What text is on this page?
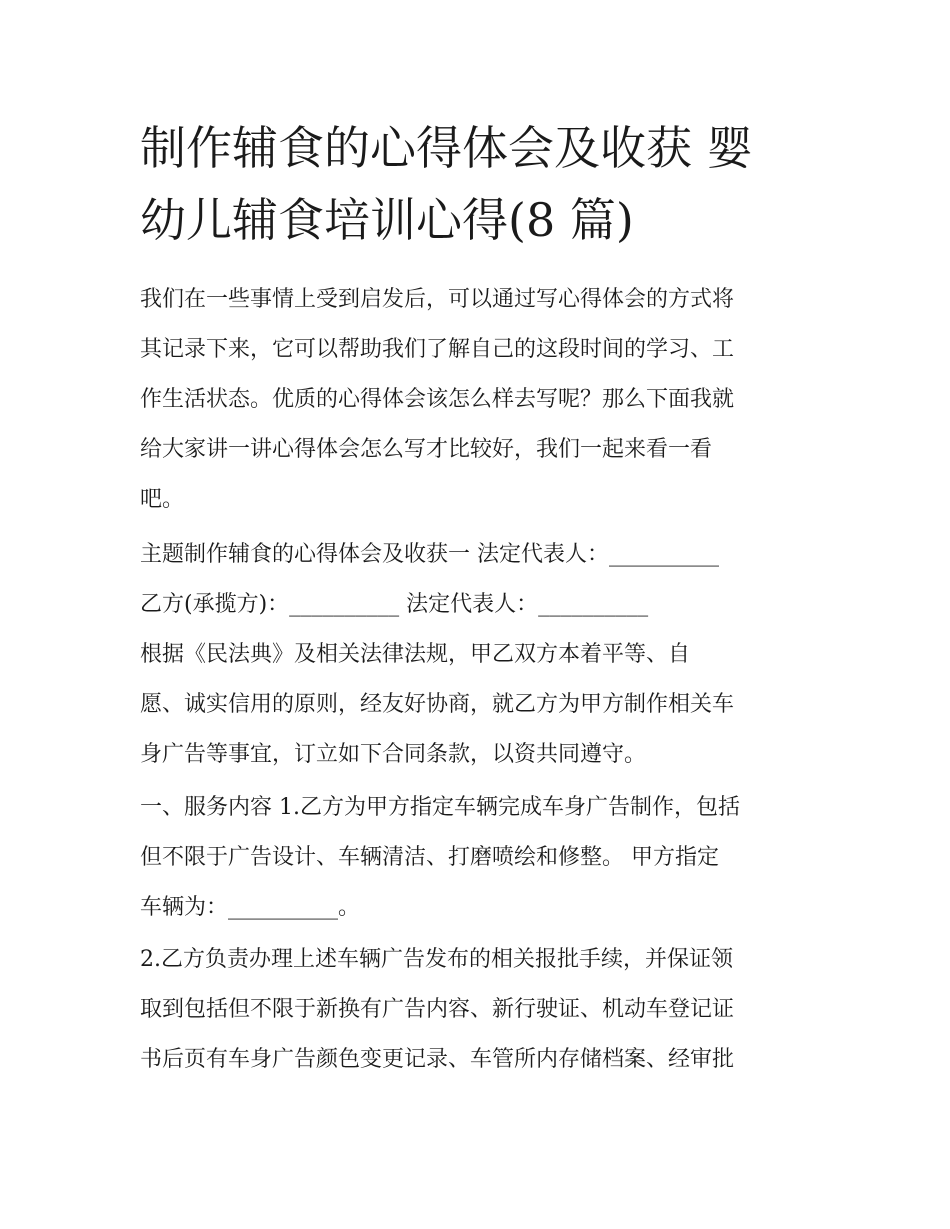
制作辅食的心得体会及收获 婴
幼儿辅食培训心得(8 篇)

我们在一些事情上受到启发后，可以通过写心得体会的方式将
其记录下来，它可以帮助我们了解自己的这段时间的学习、工
作生活状态。优质的心得体会该怎么样去写呢？那么下面我就
给大家讲一讲心得体会怎么写才比较好，我们一起来看一看
吧。

主题制作辅食的心得体会及收获一 法定代表人：__________

乙方(承揽方)：__________ 法定代表人：__________

根据《民法典》及相关法律法规，甲乙双方本着平等、自
愿、诚实信用的原则，经友好协商，就乙方为甲方制作相关车
身广告等事宜，订立如下合同条款，以资共同遵守。

一、服务内容 1.乙方为甲方指定车辆完成车身广告制作，包括
但不限于广告设计、车辆清洁、打磨喷绘和修整。 甲方指定
车辆为：__________。

2.乙方负责办理上述车辆广告发布的相关报批手续，并保证领
取到包括但不限于新换有广告内容、新行驶证、机动车登记证
书后页有车身广告颜色变更记录、车管所内存储档案、经审批
